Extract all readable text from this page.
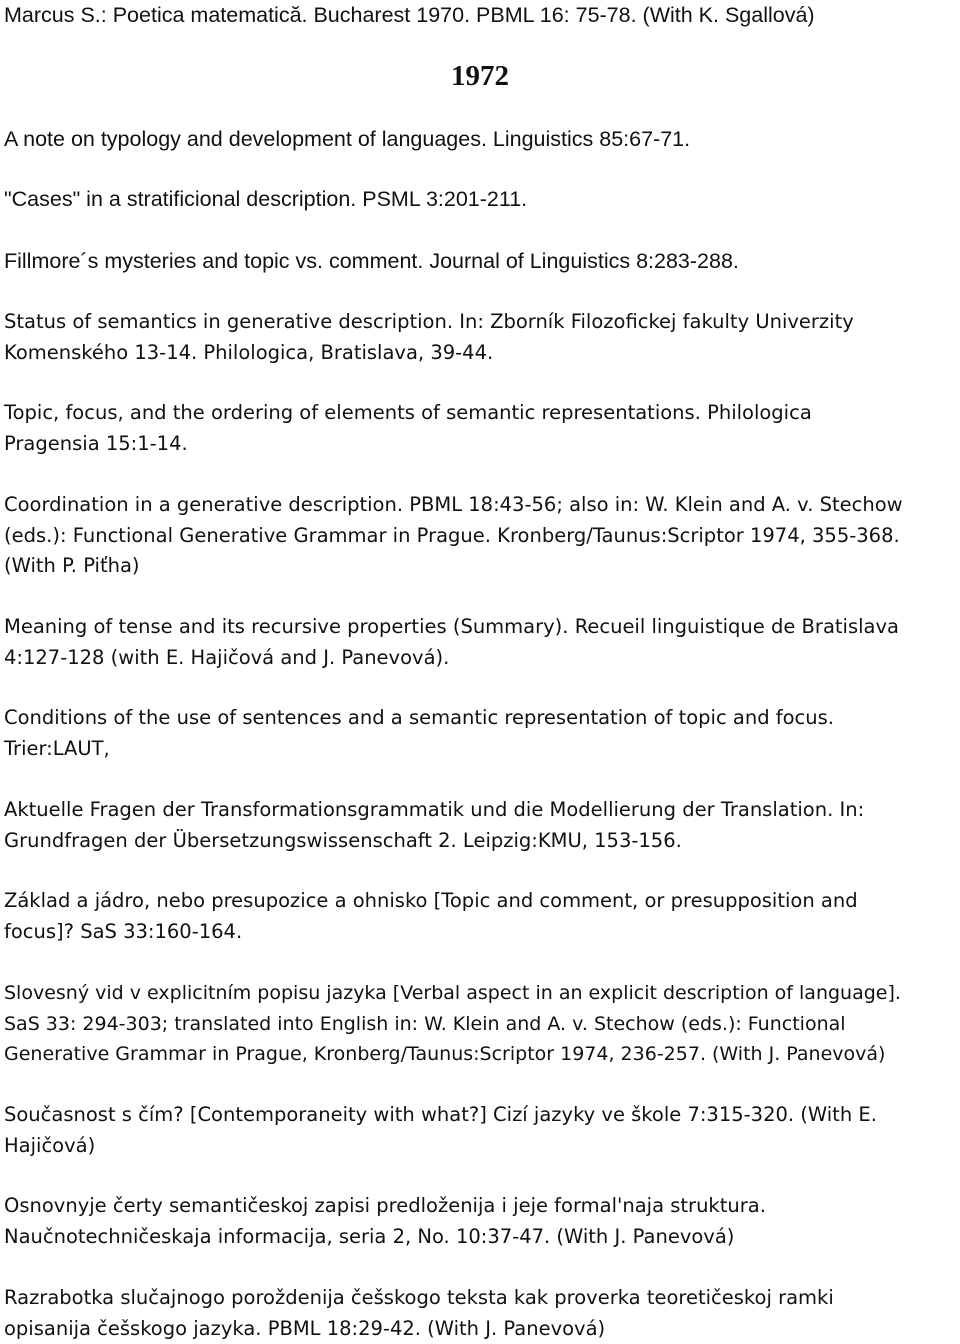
Marcus S.: Poetica matematică. Bucharest 1970. PBML 16: 75-78. (With K. Sgallová)

1972

A note on typology and development of languages. Linguistics 85:67-71.

"Cases" in a stratificional description. PSML 3:201-211.

Fillmore´s mysteries and topic vs. comment. Journal of Linguistics 8:283-288.

Status of semantics in generative description. In: Zborník Filozofickej fakulty Univerzity
Komenského 13-14. Philologica, Bratislava, 39-44.

Topic, focus, and the ordering of elements of semantic representations. Philologica
Pragensia 15:1-14.

Coordination in a generative description. PBML 18:43-56; also in: W. Klein and A. v. Stechow
(eds.): Functional Generative Grammar in Prague. Kronberg/Taunus:Scriptor 1974, 355-368.
(With P. Piťha)

Meaning of tense and its recursive properties (Summary). Recueil linguistique de Bratislava
4:127-128 (with E. Hajičová and J. Panevová).

Conditions of the use of sentences and a semantic representation of topic and focus.
Trier:LAUT,

Aktuelle Fragen der Transformationsgrammatik und die Modellierung der Translation. In:
Grundfragen der Übersetzungswissenschaft 2. Leipzig:KMU, 153-156.

Základ a jádro, nebo presupozice a ohnisko [Topic and comment, or presupposition and
focus]? SaS 33:160-164.

Slovesný vid v explicitním popisu jazyka [Verbal aspect in an explicit description of language].
SaS 33: 294-303; translated into English in: W. Klein and A. v. Stechow (eds.): Functional
Generative Grammar in Prague, Kronberg/Taunus:Scriptor 1974, 236-257. (With J. Panevová)

Současnost s čím? [Contemporaneity with what?] Cizí jazyky ve škole 7:315-320. (With E.
Hajičová)

Osnovnyje čerty semantičeskoj zapisi predloženija i jeje formal'naja struktura.
Naučnotechničeskaja informacija, seria 2, No. 10:37-47. (With J. Panevová)

Razrabotka slučajnogo poroždenija češskogo teksta kak proverka teoretičeskoj ramki
opisanija češskogo jazyka. PBML 18:29-42. (With J. Panevová)
